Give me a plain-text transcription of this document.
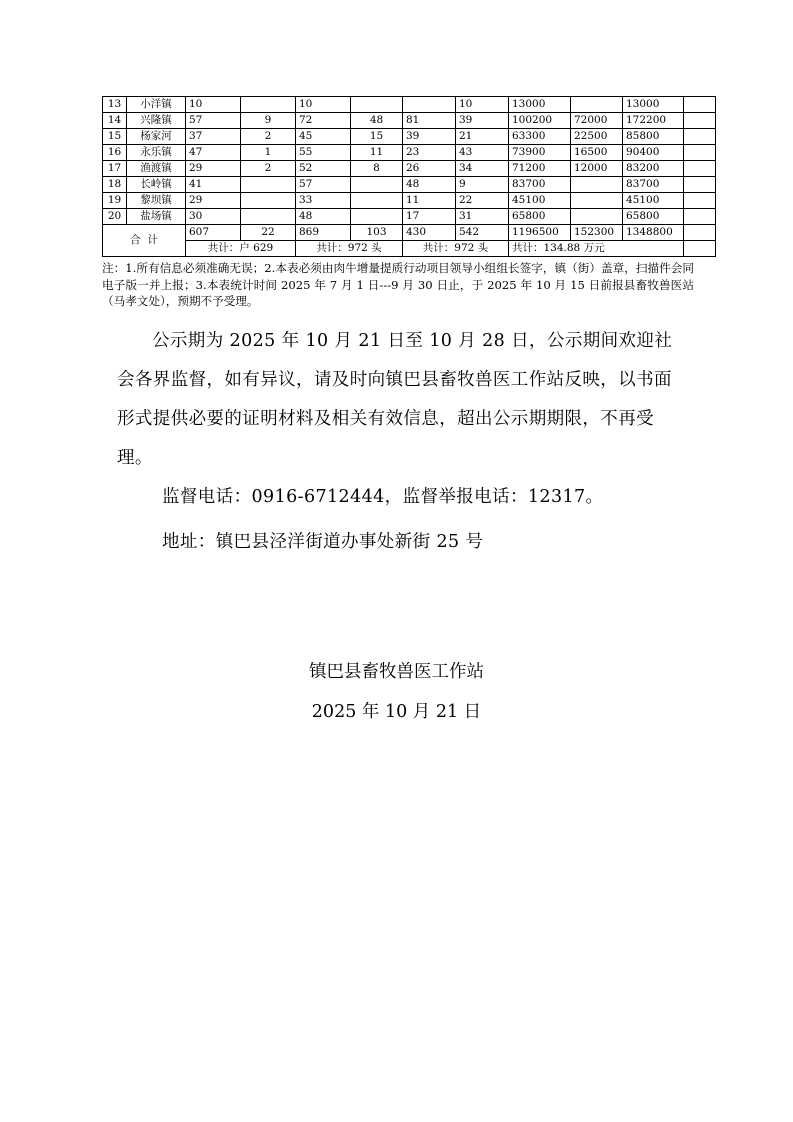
13	小洋镇	10		10			10	13000		13000	
14	兴隆镇	57	9	72	48	81	39	100200	72000	172200	
15	杨家河	37	2	45	15	39	21	63300	22500	85800	
16	永乐镇	47	1	55	11	23	43	73900	16500	90400	
17	渔渡镇	29	2	52	8	26	34	71200	12000	83200	
18	长岭镇	41		57		48	9	83700		83700	
19	黎坝镇	29		33		11	22	45100		45100	
20	盐场镇	30		48		17	31	65800		65800	
合  计		607	22	869	103	430	542	1196500	152300	1348800	
		共计：户 629		共计：972 头		共计：972 头		共计：134.88 万元			
注：1.所有信息必须准确无误；2.本表必须由肉牛增量提质行动项目领导小组组长签字，镇（街）盖章，扫描件会同电子版一并上报；3.本表统计时间 2025 年 7 月 1 日---9 月 30 日止，于 2025 年 10 月 15 日前报县畜牧兽医站（马孝文处），预期不予受理。
公示期为 2025 年 10 月 21 日至 10 月 28 日，公示期间欢迎社会各界监督，如有异议，请及时向镇巴县畜牧兽医工作站反映，以书面形式提供必要的证明材料及相关有效信息，超出公示期期限，不再受理。
监督电话：0916-6712444，监督举报电话：12317。
地址：镇巴县泾洋街道办事处新街 25 号
镇巴县畜牧兽医工作站
2025 年 10 月 21 日
